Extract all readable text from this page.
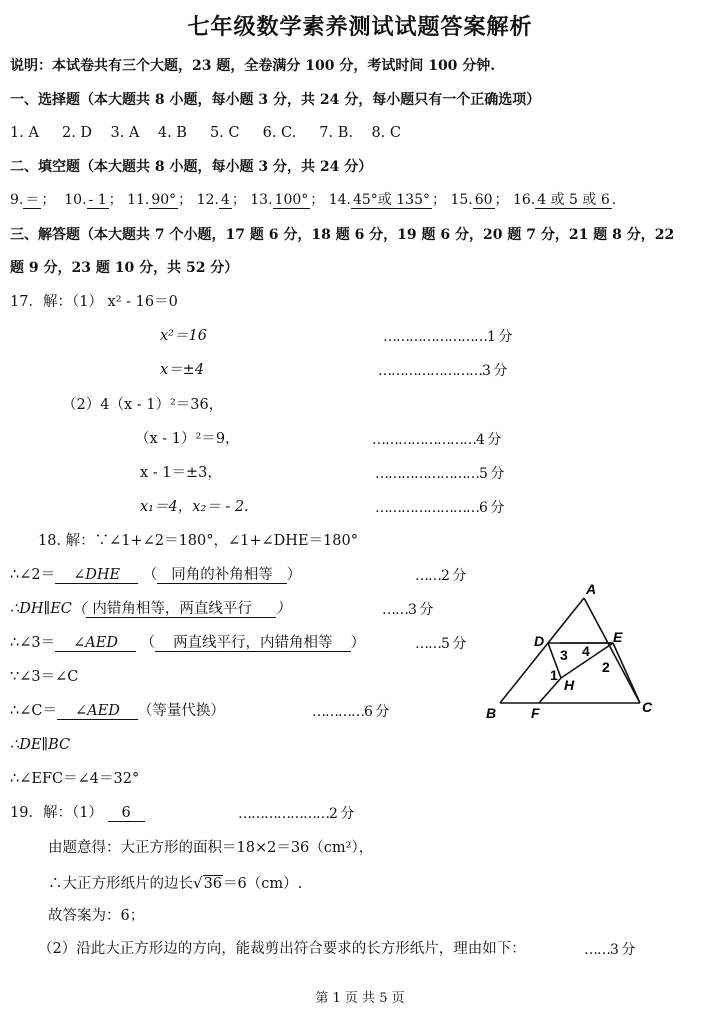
七年级数学素养测试试题答案解析
说明：本试卷共有三个大题，23 题，全卷满分 100 分，考试时间 100 分钟.
一、选择题（本大题共 8 小题，每小题 3 分，共 24 分，每小题只有一个正确选项）
1. A 2. D 3. A 4. B 5. C 6. C. 7. B. 8. C
二、填空题（本大题共 8 小题，每小题 3 分，共 24 分）
9. ＝ ； 10. - 1 ； 11. 90° ； 12. 4 ； 13. 100° ； 14. 45°或 135° ； 15. 60 ； 16. 4 或 5 或 6 .
三、解答题（本大题共 7 个小题，17 题 6 分，18 题 6 分，19 题 6 分，20 题 7 分，21 题 8 分，22
题 9 分，23 题 10 分，共 52 分）
17．解：（1） x² - 16＝0
x²＝16	……………………1 分
x＝±4	……………………3 分
（2）4（x - 1）²＝36，
（x - 1）²＝9，	……………………4 分
x - 1＝±3，	……………………5 分
x₁＝4，x₂＝ - 2.	……………………6 分
18. 解：∵∠1+∠2＝180°，∠1+∠DHE＝180°
∴∠2＝ ∠DHE （ 同角的补角相等 ）	……2 分
∴DH∥EC（ 内错角相等，两直线平行 ）	……3 分
∴∠3＝ ∠AED （ 两直线平行，内错角相等 ）	……5 分
∵∠3＝∠C
∴∠C＝ ∠AED （等量代换）	…………6 分
∴DE∥BC
∴∠EFC＝∠4＝32°
A
B	C
D	E
F
H
1	2
3 4
19．解：（1） 6	…………………2 分
由题意得：大正方形的面积＝18×2＝36（cm²），
∴大正方形纸片的边长√36＝6（cm）.
故答案为：6；
（2）沿此大正方形边的方向，能裁剪出符合要求的长方形纸片，理由如下：	……3 分
第 1 页 共 5 页
